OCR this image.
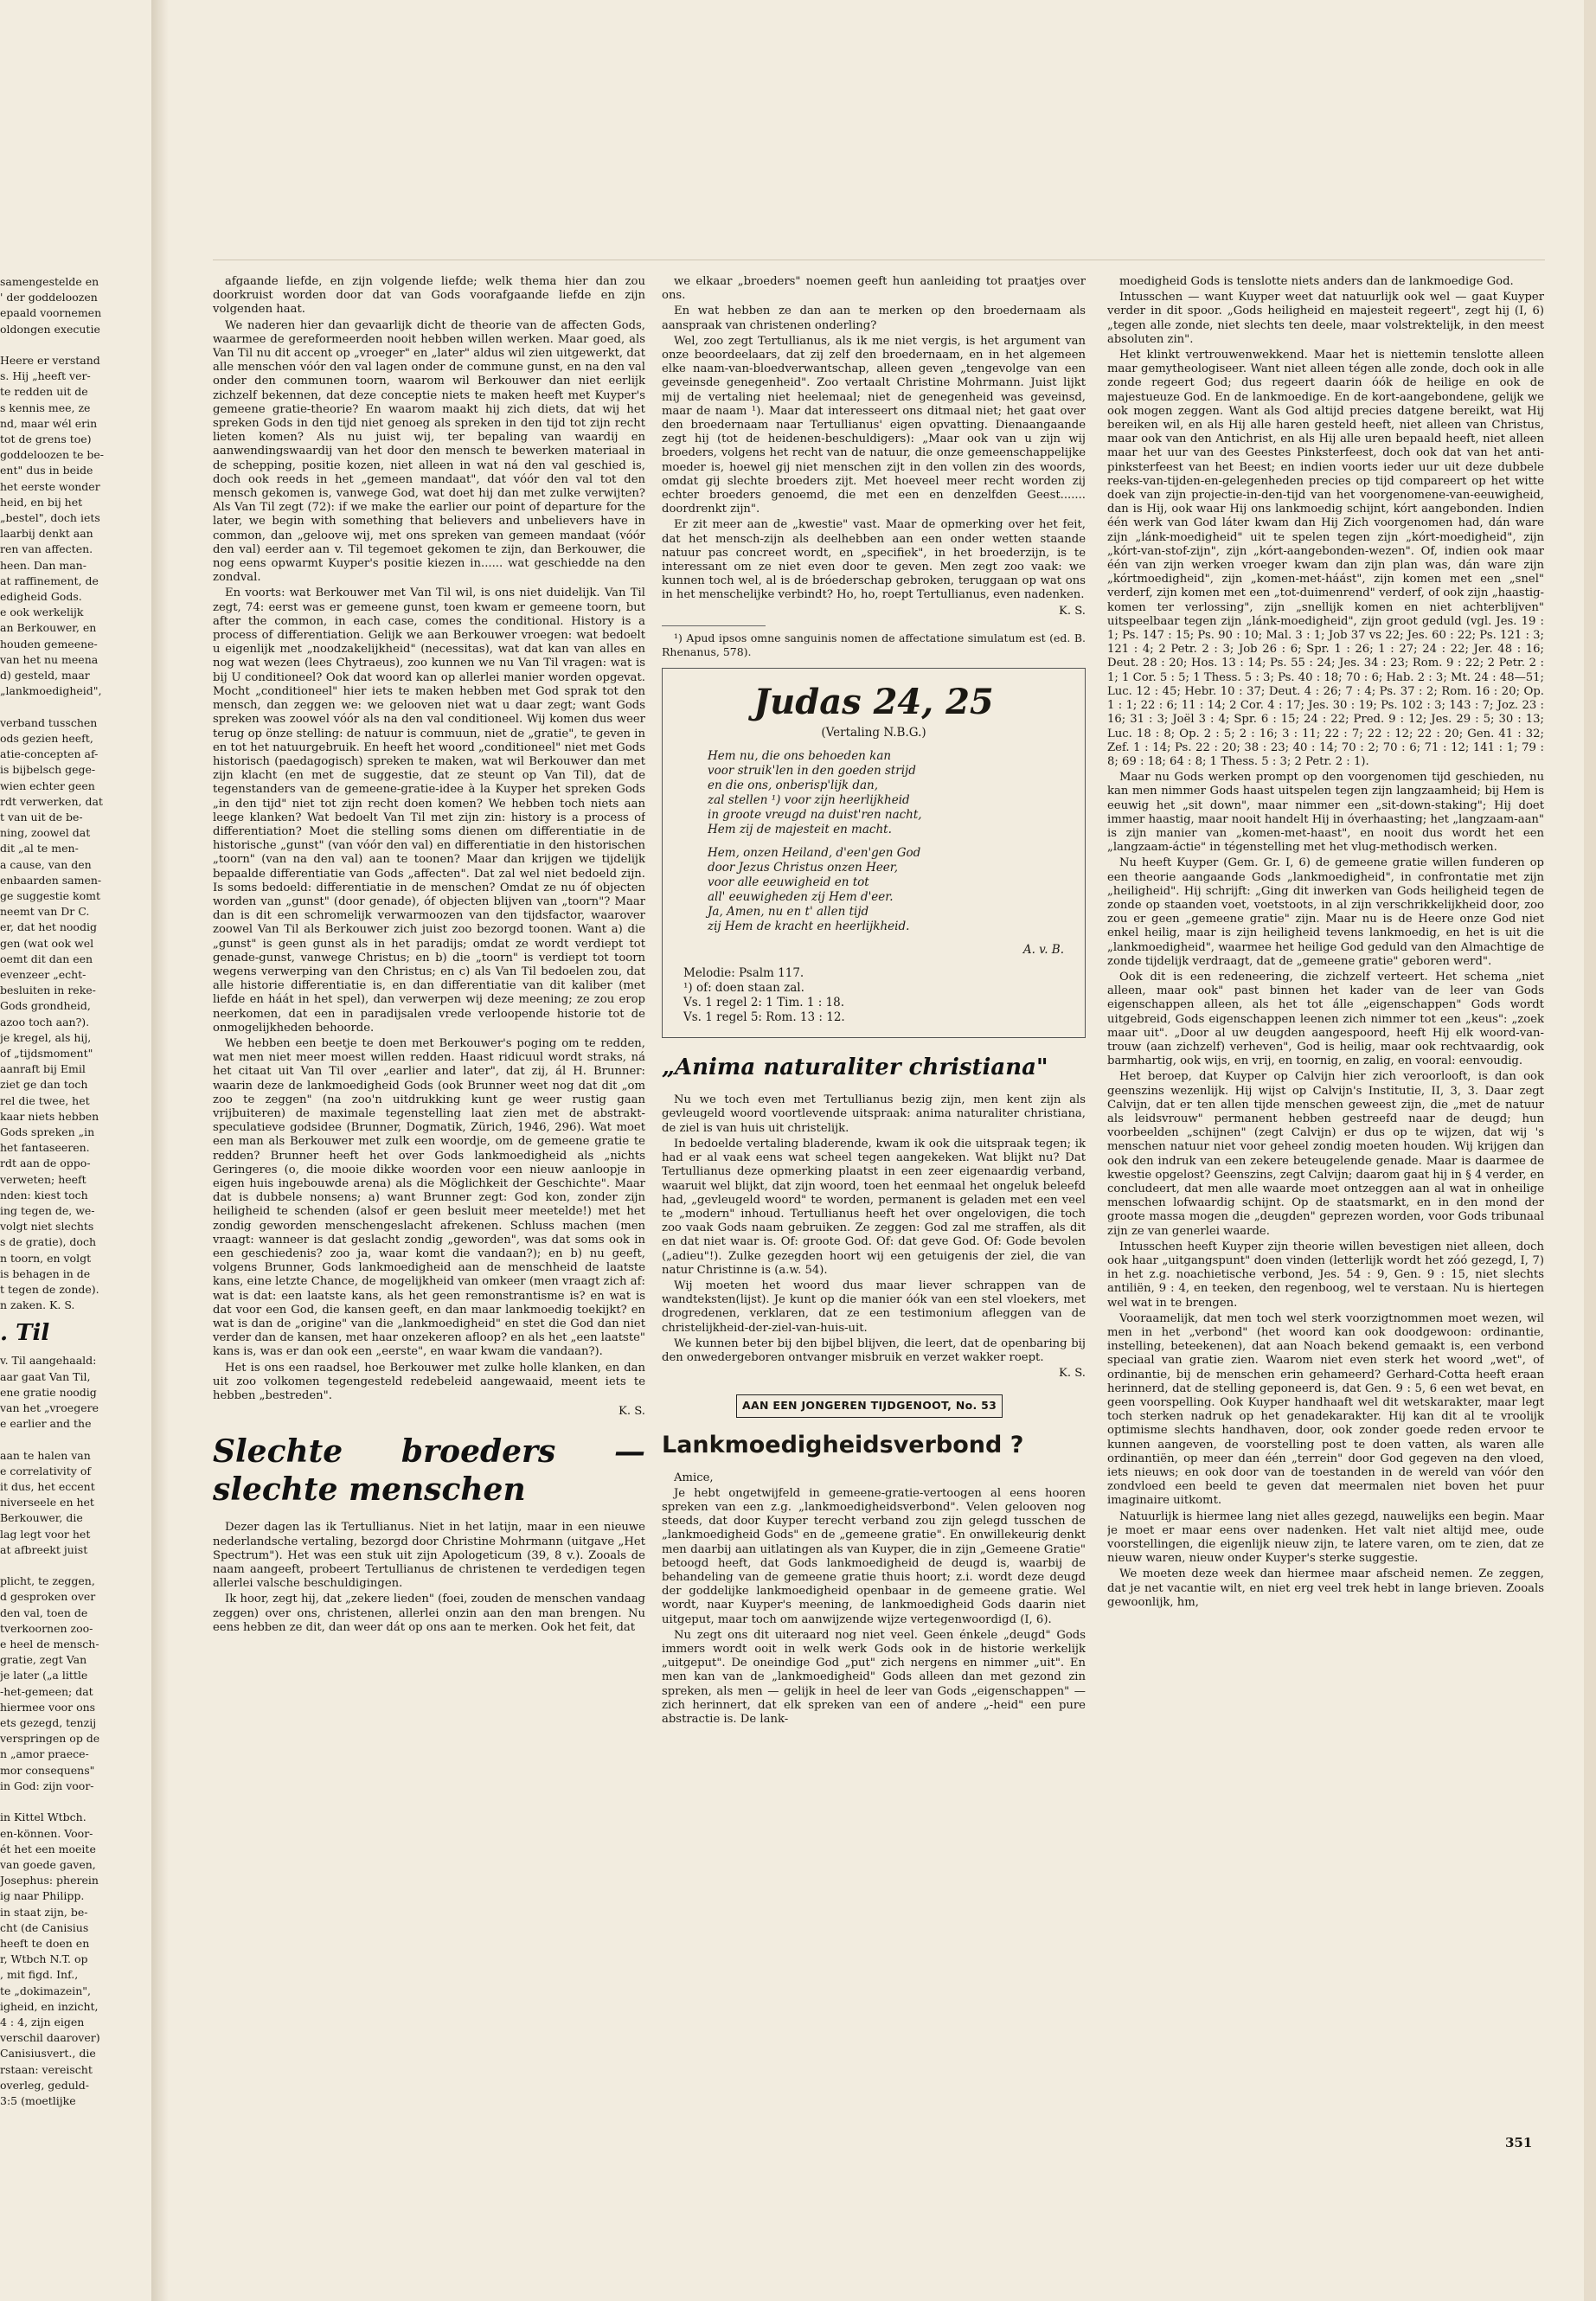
samengestelde en

' der goddeloozen

epaald voornemen

oldongen executie

Heere er verstand

s. Hij „heeft ver-

te redden uit de

s kennis mee, ze

nd, maar wél erin

tot de grens toe)

goddeloozen te be-

ent" dus in beide

het eerste wonder

heid, en bij het

„bestel", doch iets

laarbij denkt aan

ren van affecten.

heen. Dan man-

at raffinement, de

edigheid Gods.

e ook werkelijk

an Berkouwer, en

houden gemeene-

van het nu meena

d) gesteld, maar

„lankmoedigheid",

verband tusschen

ods gezien heeft,

atie-concepten af-

is bijbelsch gege-

wien echter geen

rdt verwerken, dat

t van uit de be-

ning, zoowel dat

dit „al te men-

a cause, van den

enbaarden samen-

ge suggestie komt

neemt van Dr C.

er, dat het noodig

gen (wat ook wel

oemt dit dan een

evenzeer „echt-

besluiten in reke-

Gods grondheid,

azoo toch aan?).

je kregel, als hij,

of „tijdsmoment"

aanraft bij Emil

ziet ge dan toch

rel die twee, het

kaar niets hebben

Gods spreken „in

het fantaseeren.

rdt aan de oppo-

verweten; heeft

nden: kiest toch

ing tegen de, we-

volgt niet slechts

s de gratie), doch

n toorn, en volgt

is behagen in de

t tegen de zonde).

n zaken. K. S.

. Til

v. Til aangehaald:

aar gaat Van Til,

ene gratie noodig

van het „vroegere

e earlier and the

aan te halen van

e correlativity of

it dus, het eccent

niverseele en het

Berkouwer, die

lag legt voor het

at afbreekt juist

plicht, te zeggen,

d gesproken over

den val, toen de

tverkoornen zoo-

e heel de mensch-

gratie, zegt Van

je later („a little

-het-gemeen; dat

hiermee voor ons

ets gezegd, tenzij

verspringen op de

n „amor praece-

mor consequens"

in God: zijn voor-

in Kittel Wtbch.

en-können. Voor-

ét het een moeite

van goede gaven,

Josephus: pherein

ig naar Philipp.

in staat zijn, be-

cht (de Canisius

heeft te doen en

r, Wtbch N.T. op

, mit figd. Inf.,

te „dokimazein",

igheid, en inzicht,

4 : 4, zijn eigen

verschil daarover)

Canisiusvert., die

rstaan: vereischt

overleg, geduld-

3:5 (moetlijke

afgaande liefde, en zijn volgende liefde; welk thema hier dan zou doorkruist worden door dat van Gods voorafgaande liefde en zijn volgenden haat.

We naderen hier dan gevaarlijk dicht de theorie van de affecten Gods, waarmee de gereformeerden nooit hebben willen werken. Maar goed, als Van Til nu dit accent op „vroeger" en „later" aldus wil zien uitgewerkt, dat alle menschen vóór den val lagen onder de commune gunst, en na den val onder den communen toorn, waarom wil Berkouwer dan niet eerlijk zichzelf bekennen, dat deze conceptie niets te maken heeft met Kuyper's gemeene gratie-theorie? En waarom maakt hij zich diets, dat wij het spreken Gods in den tijd niet genoeg als spreken in den tijd tot zijn recht lieten komen? Als nu juist wij, ter bepaling van waardij en aanwendingswaardij van het door den mensch te bewerken materiaal in de schepping, positie kozen, niet alleen in wat ná den val geschied is, doch ook reeds in het „gemeen mandaat", dat vóór den val tot den mensch gekomen is, vanwege God, wat doet hij dan met zulke verwijten? Als Van Til zegt (72): if we make the earlier our point of departure for the later, we begin with something that believers and unbelievers have in common, dan „geloove wij, met ons spreken van gemeen mandaat (vóór den val) eerder aan v. Til tegemoet gekomen te zijn, dan Berkouwer, die nog eens opwarmt Kuyper's positie kiezen in...... wat geschiedde na den zondval.

En voorts: wat Berkouwer met Van Til wil, is ons niet duidelijk. Van Til zegt, 74: eerst was er gemeene gunst, toen kwam er gemeene toorn, but after the common, in each case, comes the conditional. History is a process of differentiation. Gelijk we aan Berkouwer vroegen: wat bedoelt u eigenlijk met „noodzakelijkheid" (necessitas), wat dat kan van alles en nog wat wezen (lees Chytraeus), zoo kunnen we nu Van Til vragen: wat is bij U conditioneel? Ook dat woord kan op allerlei manier worden opgevat. Mocht „conditioneel" hier iets te maken hebben met God sprak tot den mensch, dan zeggen we: we gelooven niet wat u daar zegt; want Gods spreken was zoowel vóór als na den val conditioneel. Wij komen dus weer terug op önze stelling: de natuur is commuun, niet de „gratie", te geven in en tot het natuurgebruik. En heeft het woord „conditioneel" niet met Gods historisch (paedagogisch) spreken te maken, wat wil Berkouwer dan met zijn klacht (en met de suggestie, dat ze steunt op Van Til), dat de tegenstanders van de gemeene-gratie-idee à la Kuyper het spreken Gods „in den tijd" niet tot zijn recht doen komen? We hebben toch niets aan leege klanken? Wat bedoelt Van Til met zijn zin: history is a process of differentiation? Moet die stelling soms dienen om differentiatie in de historische „gunst" (van vóór den val) en differentiatie in den historischen „toorn" (van na den val) aan te toonen? Maar dan krijgen we tijdelijk bepaalde differentiatie van Gods „affecten". Dat zal wel niet bedoeld zijn. Is soms bedoeld: differentiatie in de menschen? Omdat ze nu óf objecten worden van „gunst" (door genade), óf objecten blijven van „toorn"? Maar dan is dit een schromelijk verwarmoozen van den tijdsfactor, waarover zoowel Van Til als Berkouwer zich juist zoo bezorgd toonen. Want a) die „gunst" is geen gunst als in het paradijs; omdat ze wordt verdiept tot genade-gunst, vanwege Christus; en b) die „toorn" is verdiept tot toorn wegens verwerping van den Christus; en c) als Van Til bedoelen zou, dat alle historie differentiatie is, en dan differentiatie van dit kaliber (met liefde en háát in het spel), dan verwerpen wij deze meening; ze zou erop neerkomen, dat een in paradijsalen vrede verloopende historie tot de onmogelijkheden behoorde.

We hebben een beetje te doen met Berkouwer's poging om te redden, wat men niet meer moest willen redden. Haast ridicuul wordt straks, ná het citaat uit Van Til over „earlier and later", dat zij, ál H. Brunner: waarin deze de lankmoedigheid Gods (ook Brunner weet nog dat dit „om zoo te zeggen" (na zoo'n uitdrukking kunt ge weer rustig gaan vrijbuiteren) de maximale tegenstelling laat zien met de abstrakt-speculatieve godsidee (Brunner, Dogmatik, Zürich, 1946, 296). Wat moet een man als Berkouwer met zulk een woordje, om de gemeene gratie te redden? Brunner heeft het over Gods lankmoedigheid als „nichts Geringeres (o, die mooie dikke woorden voor een nieuw aanloopje in eigen huis ingebouwde arena) als die Möglichkeit der Geschichte". Maar dat is dubbele nonsens; a) want Brunner zegt: God kon, zonder zijn heiligheid te schenden (alsof er geen besluit meer meetelde!) met het zondig geworden menschengeslacht afrekenen. Schluss machen (men vraagt: wanneer is dat geslacht zondig „geworden", was dat soms ook in een geschiedenis? zoo ja, waar komt die vandaan?); en b) nu geeft, volgens Brunner, Gods lankmoedigheid aan de menschheid de laatste kans, eine letzte Chance, de mogelijkheid van omkeer (men vraagt zich af: wat is dat: een laatste kans, als het geen remonstrantisme is? en wat is dat voor een God, die kansen geeft, en dan maar lankmoedig toekijkt? en wat is dan de „origine" van die „lankmoedigheid" en stet die God dan niet verder dan de kansen, met haar onzekeren afloop? en als het „een laatste" kans is, was er dan ook een „eerste", en waar kwam die vandaan?).

Het is ons een raadsel, hoe Berkouwer met zulke holle klanken, en dan uit zoo volkomen tegengesteld redebeleid aangewaaid, meent iets te hebben „bestreden".

K. S.

Slechte broeders — slechte menschen

Dezer dagen las ik Tertullianus. Niet in het latijn, maar in een nieuwe nederlandsche vertaling, bezorgd door Christine Mohrmann (uitgave „Het Spectrum"). Het was een stuk uit zijn Apologeticum (39, 8 v.). Zooals de naam aangeeft, probeert Tertullianus de christenen te verdedigen tegen allerlei valsche beschuldigingen.

Ik hoor, zegt hij, dat „zekere lieden" (foei, zouden de menschen vandaag zeggen) over ons, christenen, allerlei onzin aan den man brengen. Nu eens hebben ze dit, dan weer dát op ons aan te merken. Ook het feit, dat

we elkaar „broeders" noemen geeft hun aanleiding tot praatjes over ons.

En wat hebben ze dan aan te merken op den broedernaam als aanspraak van christenen onderling?

Wel, zoo zegt Tertullianus, als ik me niet vergis, is het argument van onze beoordeelaars, dat zij zelf den broedernaam, en in het algemeen elke naam-van-bloedverwantschap, alleen geven „tengevolge van een geveinsde genegenheid". Zoo vertaalt Christine Mohrmann. Juist lijkt mij de vertaling niet heelemaal; niet de genegenheid was geveinsd, maar de naam ¹). Maar dat interesseert ons ditmaal niet; het gaat over den broedernaam naar Tertullianus' eigen opvatting. Dienaangaande zegt hij (tot de heidenen-beschuldigers): „Maar ook van u zijn wij broeders, volgens het recht van de natuur, die onze gemeenschappelijke moeder is, hoewel gij niet menschen zijt in den vollen zin des woords, omdat gij slechte broeders zijt. Met hoeveel meer recht worden zij echter broeders genoemd, die met een en denzelfden Geest....... doordrenkt zijn".

Er zit meer aan de „kwestie" vast. Maar de opmerking over het feit, dat het mensch-zijn als deelhebben aan een onder wetten staande natuur pas concreet wordt, en „specifiek", in het broederzijn, is te interessant om ze niet even door te geven. Men zegt zoo vaak: we kunnen toch wel, al is de bróederschap gebroken, teruggaan op wat ons in het menschelijke verbindt? Ho, ho, roept Tertullianus, even nadenken.

K. S.

¹) Apud ipsos omne sanguinis nomen de affectatione simulatum est (ed. B. Rhenanus, 578).

Judas 24, 25
(Vertaling N.B.G.)
Hem nu, die ons behoeden kan
voor struik'len in den goeden strijd
en die ons, onberisp'lijk dan,
zal stellen ¹) voor zijn heerlijkheid
in groote vreugd na duist'ren nacht,
Hem zij de majesteit en macht.
Hem, onzen Heiland, d'een'gen God
door Jezus Christus onzen Heer,
voor alle eeuwigheid en tot
all' eeuwigheden zij Hem d'eer.
Ja, Amen, nu en t' allen tijd
zij Hem de kracht en heerlijkheid.
A. v. B.
Melodie: Psalm 117.
¹) of: doen staan zal.
Vs. 1 regel 2: 1 Tim. 1 : 18.
Vs. 1 regel 5: Rom. 13 : 12.
„Anima naturaliter christiana"

Nu we toch even met Tertullianus bezig zijn, men kent zijn als gevleugeld woord voortlevende uitspraak: anima naturaliter christiana, de ziel is van huis uit christelijk.

In bedoelde vertaling bladerende, kwam ik ook die uitspraak tegen; ik had er al vaak eens wat scheel tegen aangekeken. Wat blijkt nu? Dat Tertullianus deze opmerking plaatst in een zeer eigenaardig verband, waaruit wel blijkt, dat zijn woord, toen het eenmaal het ongeluk beleefd had, „gevleugeld woord" te worden, permanent is geladen met een veel te „modern" inhoud. Tertullianus heeft het over ongelovigen, die toch zoo vaak Gods naam gebruiken. Ze zeggen: God zal me straffen, als dit en dat niet waar is. Of: groote God. Of: dat geve God. Of: Gode bevolen („adieu"!). Zulke gezegden hoort wij een getuigenis der ziel, die van natur Christinne is (a.w. 54).

Wij moeten het woord dus maar liever schrappen van de wandteksten(lijst). Je kunt op die manier óók van een stel vloekers, met drogredenen, verklaren, dat ze een testimonium afleggen van de christelijkheid-der-ziel-van-huis-uit.

We kunnen beter bij den bijbel blijven, die leert, dat de openbaring bij den onwedergeboren ontvanger misbruik en verzet wakker roept.

K. S.

AAN EEN JONGEREN TIJDGENOOT, No. 53
Lankmoedigheidsverbond ?

Amice,

Je hebt ongetwijfeld in gemeene-gratie-vertoogen al eens hooren spreken van een z.g. „lankmoedigheidsverbond". Velen gelooven nog steeds, dat door Kuyper terecht verband zou zijn gelegd tusschen de „lankmoedigheid Gods" en de „gemeene gratie". En onwillekeurig denkt men daarbij aan uitlatingen als van Kuyper, die in zijn „Gemeene Gratie" betoogd heeft, dat Gods lankmoedigheid de deugd is, waarbij de behandeling van de gemeene gratie thuis hoort; z.i. wordt deze deugd der goddelijke lankmoedigheid openbaar in de gemeene gratie. Wel wordt, naar Kuyper's meening, de lankmoedigheid Gods daarin niet uitgeput, maar toch om aanwijzende wijze vertegenwoordigd (I, 6).

Nu zegt ons dit uiteraard nog niet veel. Geen énkele „deugd" Gods immers wordt ooit in welk werk Gods ook in de historie werkelijk „uitgeput". De oneindige God „put" zich nergens en nimmer „uit". En men kan van de „lankmoedigheid" Gods alleen dan met gezond zin spreken, als men — gelijk in heel de leer van Gods „eigenschappen" — zich herinnert, dat elk spreken van een of andere „-heid" een pure abstractie is. De lank-

moedigheid Gods is tenslotte niets anders dan de lankmoedige God.

Intusschen — want Kuyper weet dat natuurlijk ook wel — gaat Kuyper verder in dit spoor. „Gods heiligheid en majesteit regeert", zegt hij (I, 6) „tegen alle zonde, niet slechts ten deele, maar volstrektelijk, in den meest absoluten zin".

Het klinkt vertrouwenwekkend. Maar het is niettemin tenslotte alleen maar gemytheologiseer. Want niet alleen tégen alle zonde, doch ook in alle zonde regeert God; dus regeert daarin óók de heilige en ook de majestueuze God. En de lankmoedige. En de kort-aangebondene, gelijk we ook mogen zeggen. Want als God altijd precies datgene bereikt, wat Hij bereiken wil, en als Hij alle haren gesteld heeft, niet alleen van Christus, maar ook van den Antichrist, en als Hij alle uren bepaald heeft, niet alleen maar het uur van des Geestes Pinksterfeest, doch ook dat van het anti-pinksterfeest van het Beest; en indien voorts ieder uur uit deze dubbele reeks-van-tijden-en-gelegenheden precies op tijd compareert op het witte doek van zijn projectie-in-den-tijd van het voorgenomene-van-eeuwigheid, dan is Hij, ook waar Hij ons lankmoedig schijnt, kórt aangebonden. Indien één werk van God láter kwam dan Hij Zich voorgenomen had, dán ware zijn „lánk-moedigheid" uit te spelen tegen zijn „kórt-moedigheid", zijn „kórt-van-stof-zijn", zijn „kórt-aangebonden-wezen". Of, indien ook maar één van zijn werken vroeger kwam dan zijn plan was, dán ware zijn „kórtmoedigheid", zijn „komen-met-háást", zijn komen met een „snel" verderf, zijn komen met een „tot-duimenrend" verderf, of ook zijn „haastig-komen ter verlossing", zijn „snellijk komen en niet achterblijven" uitspeelbaar tegen zijn „lánk-moedigheid", zijn groot geduld (vgl. Jes. 19 : 1; Ps. 147 : 15; Ps. 90 : 10; Mal. 3 : 1; Job 37 vs 22; Jes. 60 : 22; Ps. 121 : 3; 121 : 4; 2 Petr. 2 : 3; Job 26 : 6; Spr. 1 : 26; 1 : 27; 24 : 22; Jer. 48 : 16; Deut. 28 : 20; Hos. 13 : 14; Ps. 55 : 24; Jes. 34 : 23; Rom. 9 : 22; 2 Petr. 2 : 1; 1 Cor. 5 : 5; 1 Thess. 5 : 3; Ps. 40 : 18; 70 : 6; Hab. 2 : 3; Mt. 24 : 48—51; Luc. 12 : 45; Hebr. 10 : 37; Deut. 4 : 26; 7 : 4; Ps. 37 : 2; Rom. 16 : 20; Op. 1 : 1; 22 : 6; 11 : 14; 2 Cor. 4 : 17; Jes. 30 : 19; Ps. 102 : 3; 143 : 7; Joz. 23 : 16; 31 : 3; Joël 3 : 4; Spr. 6 : 15; 24 : 22; Pred. 9 : 12; Jes. 29 : 5; 30 : 13; Luc. 18 : 8; Op. 2 : 5; 2 : 16; 3 : 11; 22 : 7; 22 : 12; 22 : 20; Gen. 41 : 32; Zef. 1 : 14; Ps. 22 : 20; 38 : 23; 40 : 14; 70 : 2; 70 : 6; 71 : 12; 141 : 1; 79 : 8; 69 : 18; 64 : 8; 1 Thess. 5 : 3; 2 Petr. 2 : 1).

Maar nu Gods werken prompt op den voorgenomen tijd geschieden, nu kan men nimmer Gods haast uitspelen tegen zijn langzaamheid; bij Hem is eeuwig het „sit down", maar nimmer een „sit-down-staking"; Hij doet immer haastig, maar nooit handelt Hij in óverhaasting; het „langzaam-aan" is zijn manier van „komen-met-haast", en nooit dus wordt het een „langzaam-áctie" in tégenstelling met het vlug-methodisch werken.

Nu heeft Kuyper (Gem. Gr. I, 6) de gemeene gratie willen funderen op een theorie aangaande Gods „lankmoedigheid", in confrontatie met zijn „heiligheid". Hij schrijft: „Ging dit inwerken van Gods heiligheid tegen de zonde op staanden voet, voetstoots, in al zijn verschrikkelijkheid door, zoo zou er geen „gemeene gratie" zijn. Maar nu is de Heere onze God niet enkel heilig, maar is zijn heiligheid tevens lankmoedig, en het is uit die „lankmoedigheid", waarmee het heilige God geduld van den Almachtige de zonde tijdelijk verdraagt, dat de „gemeene gratie" geboren werd".

Ook dit is een redeneering, die zichzelf verteert. Het schema „niet alleen, maar ook" past binnen het kader van de leer van Gods eigenschappen alleen, als het tot álle „eigenschappen" Gods wordt uitgebreid, Gods eigenschappen leenen zich nimmer tot een „keus": „zoek maar uit". „Door al uw deugden aangespoord, heeft Hij elk woord-van-trouw (aan zichzelf) verheven", God is heilig, maar ook rechtvaardig, ook barmhartig, ook wijs, en vrij, en toornig, en zalig, en vooral: eenvoudig.

Het beroep, dat Kuyper op Calvijn hier zich veroorlooft, is dan ook geenszins wezenlijk. Hij wijst op Calvijn's Institutie, II, 3, 3. Daar zegt Calvijn, dat er ten allen tijde menschen geweest zijn, die „met de natuur als leidsvrouw" permanent hebben gestreefd naar de deugd; hun voorbeelden „schijnen" (zegt Calvijn) er dus op te wijzen, dat wij 's menschen natuur niet voor geheel zondig moeten houden. Wij krijgen dan ook den indruk van een zekere beteugelende genade. Maar is daarmee de kwestie opgelost? Geenszins, zegt Calvijn; daarom gaat hij in § 4 verder, en concludeert, dat men alle waarde moet ontzeggen aan al wat in onheilige menschen lofwaardig schijnt. Op de staatsmarkt, en in den mond der groote massa mogen die „deugden" geprezen worden, voor Gods tribunaal zijn ze van generlei waarde.

Intusschen heeft Kuyper zijn theorie willen bevestigen niet alleen, doch ook haar „uitgangspunt" doen vinden (letterlijk wordt het zóó gezegd, I, 7) in het z.g. noachietische verbond, Jes. 54 : 9, Gen. 9 : 15, niet slechts antiliën, 9 : 4, en teeken, den regenboog, wel te verstaan. Nu is hiertegen wel wat in te brengen.

Vooraamelijk, dat men toch wel sterk voorzigtnommen moet wezen, wil men in het „verbond" (het woord kan ook doodgewoon: ordinantie, instelling, beteekenen), dat aan Noach bekend gemaakt is, een verbond speciaal van gratie zien. Waarom niet even sterk het woord „wet", of ordinantie, bij de menschen erin gehameerd? Gerhard-Cotta heeft eraan herinnerd, dat de stelling geponeerd is, dat Gen. 9 : 5, 6 een wet bevat, en geen voorspelling. Ook Kuyper handhaaft wel dit wetskarakter, maar legt toch sterken nadruk op het genadekarakter. Hij kan dit al te vroolijk optimisme slechts handhaven, door, ook zonder goede reden ervoor te kunnen aangeven, de voorstelling post te doen vatten, als waren alle ordinantiën, op meer dan één „terrein" door God gegeven na den vloed, iets nieuws; en ook door van de toestanden in de wereld van vóór den zondvloed een beeld te geven dat meermalen niet boven het puur imaginaire uitkomt.

Natuurlijk is hiermee lang niet alles gezegd, nauwelijks een begin. Maar je moet er maar eens over nadenken. Het valt niet altijd mee, oude voorstellingen, die eigenlijk nieuw zijn, te latere varen, om te zien, dat ze nieuw waren, nieuw onder Kuyper's sterke suggestie.

We moeten deze week dan hiermee maar afscheid nemen. Ze zeggen, dat je net vacantie wilt, en niet erg veel trek hebt in lange brieven. Zooals gewoonlijk, hm,

351
